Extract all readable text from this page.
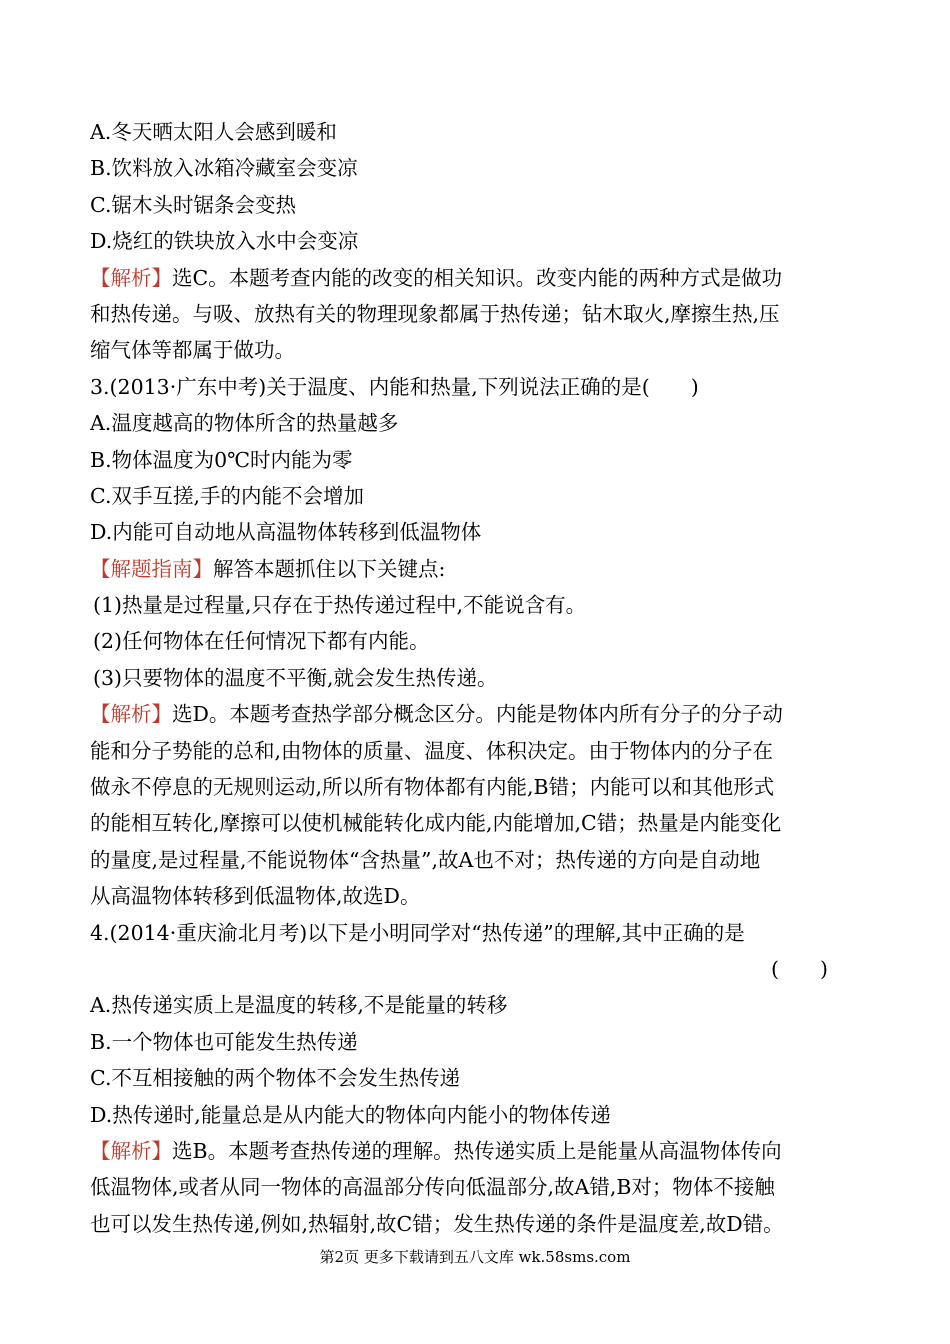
A.冬天晒太阳人会感到暖和
B.饮料放入冰箱冷藏室会变凉
C.锯木头时锯条会变热
D.烧红的铁块放入水中会变凉
【解析】选C。本题考查内能的改变的相关知识。改变内能的两种方式是做功
和热传递。与吸、放热有关的物理现象都属于热传递；钻木取火,摩擦生热,压
缩气体等都属于做功。
3.(2013·广东中考)关于温度、内能和热量,下列说法正确的是(　　)
A.温度越高的物体所含的热量越多
B.物体温度为0℃时内能为零
C.双手互搓,手的内能不会增加
D.内能可自动地从高温物体转移到低温物体
【解题指南】解答本题抓住以下关键点:
(1)热量是过程量,只存在于热传递过程中,不能说含有。
(2)任何物体在任何情况下都有内能。
(3)只要物体的温度不平衡,就会发生热传递。
【解析】选D。本题考查热学部分概念区分。内能是物体内所有分子的分子动
能和分子势能的总和,由物体的质量、温度、体积决定。由于物体内的分子在
做永不停息的无规则运动,所以所有物体都有内能,B错；内能可以和其他形式
的能相互转化,摩擦可以使机械能转化成内能,内能增加,C错；热量是内能变化
的量度,是过程量,不能说物体“含热量”,故A也不对；热传递的方向是自动地
从高温物体转移到低温物体,故选D。
4.(2014·重庆渝北月考)以下是小明同学对“热传递”的理解,其中正确的是
(　　)
A.热传递实质上是温度的转移,不是能量的转移
B.一个物体也可能发生热传递
C.不互相接触的两个物体不会发生热传递
D.热传递时,能量总是从内能大的物体向内能小的物体传递
【解析】选B。本题考查热传递的理解。热传递实质上是能量从高温物体传向
低温物体,或者从同一物体的高温部分传向低温部分,故A错,B对；物体不接触
也可以发生热传递,例如,热辐射,故C错；发生热传递的条件是温度差,故D错。
第2页 更多下载请到五八文库 wk.58sms.com
